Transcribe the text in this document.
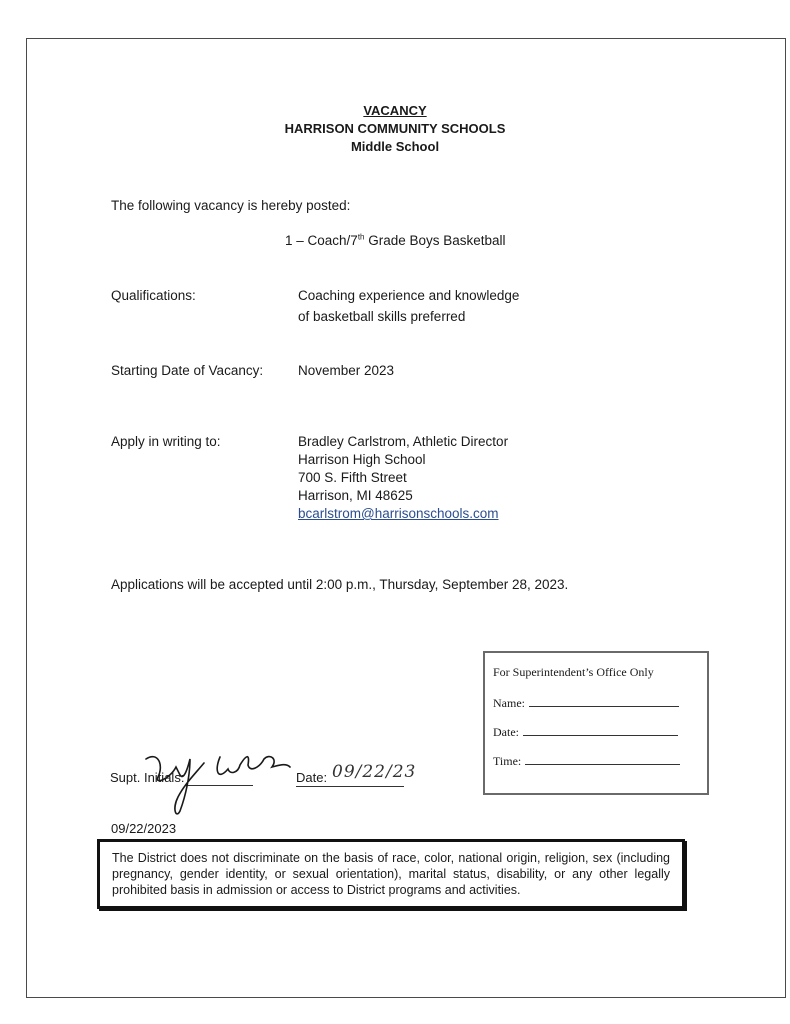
VACANCY
HARRISON COMMUNITY SCHOOLS
Middle School
The following vacancy is hereby posted:
1 – Coach/7th Grade Boys Basketball
Qualifications:	Coaching experience and knowledge
of basketball skills preferred
Starting Date of Vacancy:	November 2023
Apply in writing to:	Bradley Carlstrom, Athletic Director
Harrison High School
700 S. Fifth Street
Harrison, MI 48625
bcarlstrom@harrisonschools.com
Applications will be accepted until 2:00 p.m., Thursday, September 28, 2023.
For Superintendent’s Office Only
Name:
Date:
Time:
Supt. Initials:	Date: 09/22/23
09/22/2023
The District does not discriminate on the basis of race, color, national origin, religion, sex (including pregnancy, gender identity, or sexual orientation), marital status, disability, or any other legally prohibited basis in admission or access to District programs and activities.
